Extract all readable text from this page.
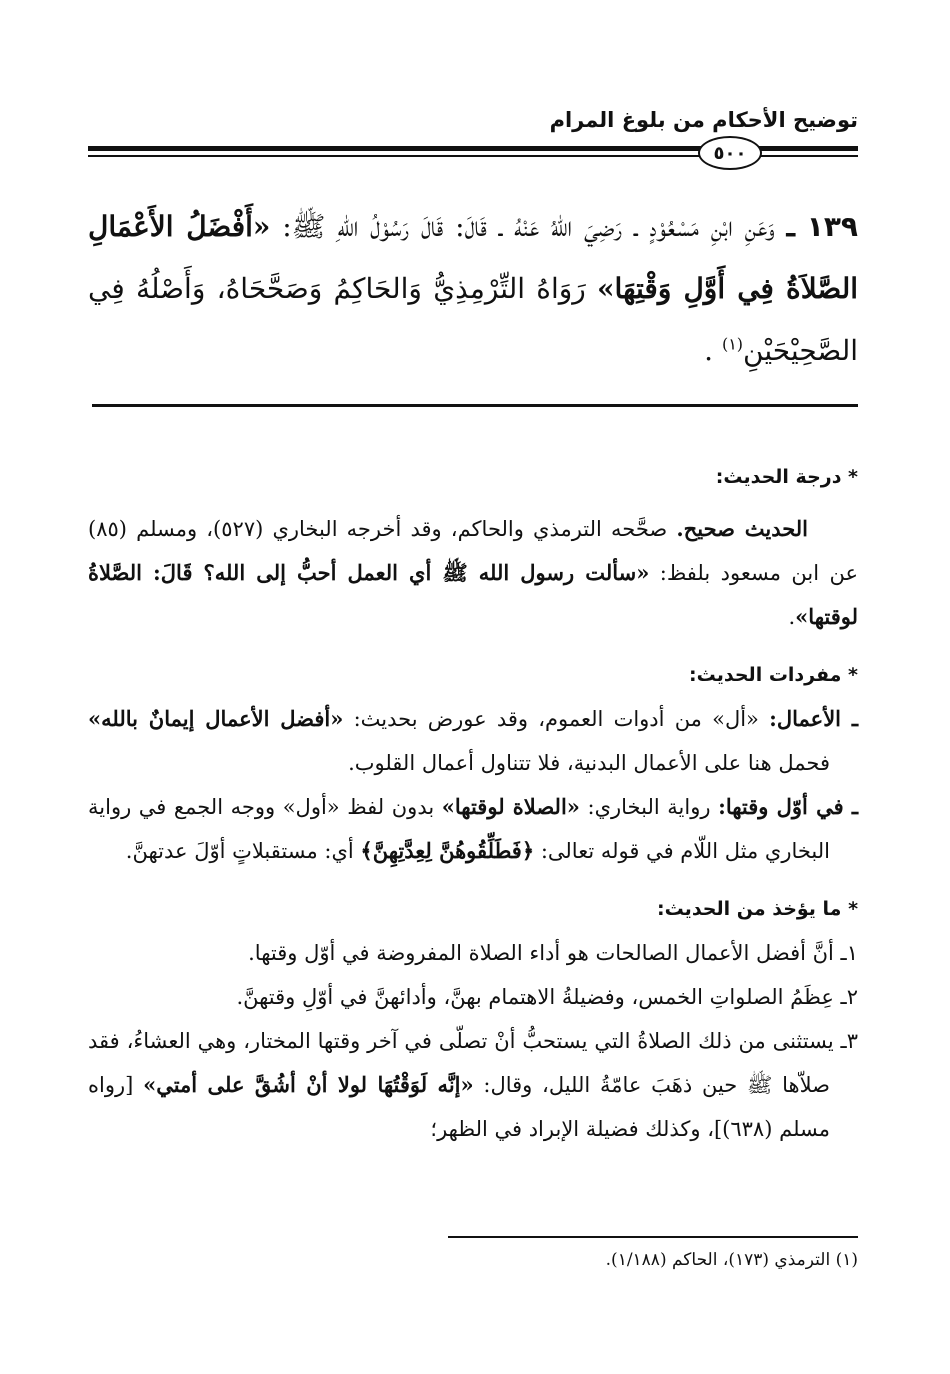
توضيح الأحكام من بلوغ المرام
٥٠٠
١٣٩ ـ وَعَنِ ابْنِ مَسْعُوْدٍ ـ رَضِيَ اللهُ عَنْهُ ـ قَالَ: قَالَ رَسُوْلُ اللهِ ﷺ: «أَفْضَلُ الأَعْمَالِ الصَّلاَةُ فِي أَوَّلِ وَقْتِهَا» رَوَاهُ التِّرْمِذِيُّ وَالحَاكِمُ وَصَحَّحَاهُ، وَأَصْلُهُ فِي الصَّحِيْحَيْنِ$^{(١)}$ .

* درجة الحديث:

الحديث صحيح. صحَّحه الترمذي والحاكم، وقد أخرجه البخاري (٥٢٧)، ومسلم (٨٥) عن ابن مسعود بلفظ: «سألت رسول الله ﷺ أي العمل أحبُّ إلى الله؟ قَالَ: الصَّلاةُ لوقتها».

* مفردات الحديث:

ـ الأعمال: «أل» من أدوات العموم، وقد عورض بحديث: «أفضل الأعمال إيمانٌ بالله» فحمل هنا على الأعمال البدنية، فلا تتناول أعمال القلوب.

ـ في أوّل وقتها: رواية البخاري: «الصلاة لوقتها» بدون لفظ «أول» ووجه الجمع في رواية البخاري مثل اللّام في قوله تعالى: ﴿فَطَلِّقُوهُنَّ لِعِدَّتِهِنَّ﴾ أي: مستقبلاتٍ أوّلَ عدتهنَّ.

* ما يؤخذ من الحديث:

١ـ أنَّ أفضل الأعمال الصالحات هو أداء الصلاة المفروضة في أوّل وقتها.

٢ـ عِظَمُ الصلواتِ الخمس، وفضيلةُ الاهتمام بهنَّ، وأدائهنَّ في أوّلِ وقتهنَّ.

٣ـ يستثنى من ذلك الصلاةُ التي يستحبُّ أنْ تصلّى في آخر وقتها المختار، وهي العشاءُ، فقد صلاّها ﷺ حين ذهَبَ عامّةُ الليل، وقال: «إنَّه لَوَقْتُهَا لولا أنْ أشُقَّ على أمتي» [رواه مسلم (٦٣٨)]، وكذلك فضيلة الإبراد في الظهر؛

(١) الترمذي (١٧٣)، الحاكم (١/١٨٨).
